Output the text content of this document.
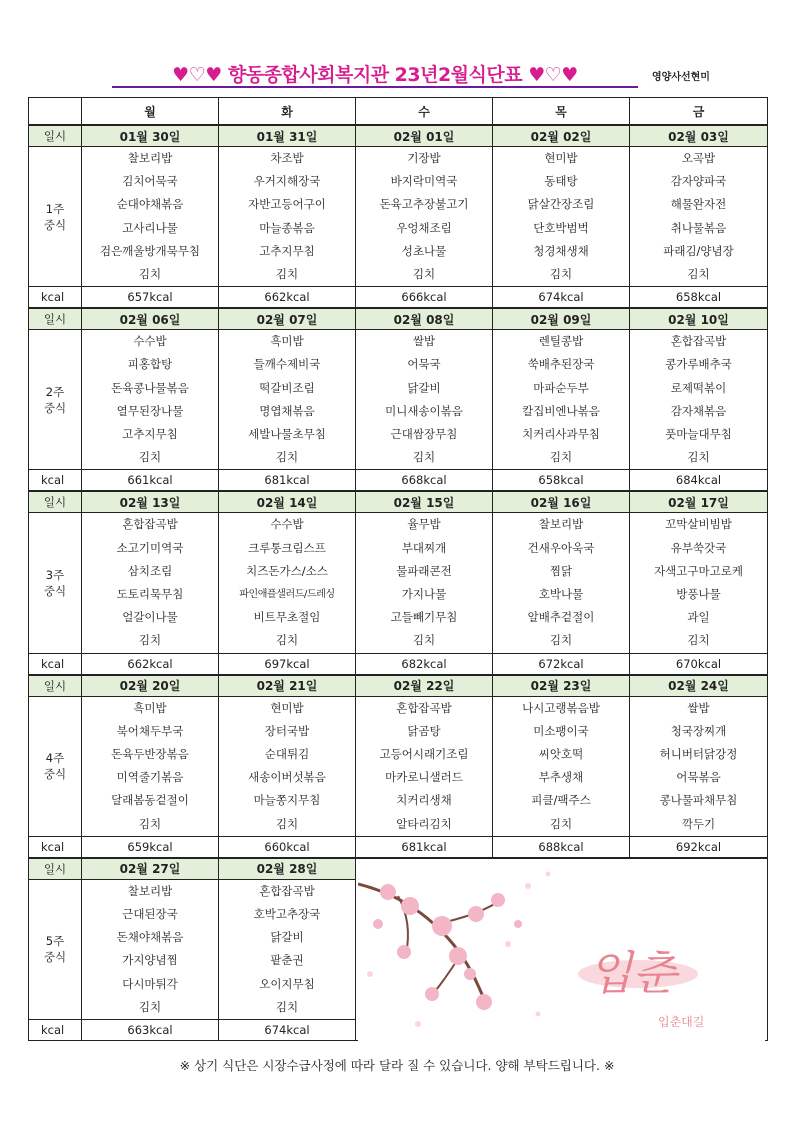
♥♡♥ 향동종합사회복지관 23년2월식단표 ♥♡♥	영양사선현미
	월	화	수	목	금
일시	01월 30일	01월 31일	02월 01일	02월 02일	02월 03일

1주
중식	찰보리밥	차조밥	기장밥	현미밥	오곡밥
	김치어묵국	우거지해장국	바지락미역국	동태탕	감자양파국
	순대야채볶음	자반고등어구이	돈육고추장불고기	닭살간장조림	해물완자전
	고사리나물	마늘종볶음	우엉채조림	단호박범벅	취나물볶음
	검은깨울방개묵무침	고추지무침	성초나물	청경채생채	파래김/양념장
	김치	김치	김치	김치	김치
kcal	657kcal	662kcal	666kcal	674kcal	658kcal
일시	02월 06일	02월 07일	02월 08일	02월 09일	02월 10일

2주
중식	수수밥	흑미밥	쌀밥	렌틸콩밥	혼합잡곡밥
	피홍합탕	들깨수제비국	어묵국	쑥배추된장국	콩가루배추국
	돈육콩나물볶음	떡갈비조림	닭갈비	마파순두부	로제떡볶이
	열무된장나물	명엽채볶음	미니새송이볶음	칼집비엔나볶음	감자채볶음
	고추지무침	세발나물초무침	근대쌈장무침	치커리사과무침	풋마늘대무침
	김치	김치	김치	김치	김치
kcal	661kcal	681kcal	668kcal	658kcal	684kcal
일시	02월 13일	02월 14일	02월 15일	02월 16일	02월 17일

3주
중식	혼합잡곡밥	수수밥	율무밥	찰보리밥	꼬막살비빔밥
	소고기미역국	크루통크림스프	부대찌개	건새우아욱국	유부쑥갓국
	삼치조림	치즈돈가스/소스	물파래콘전	찜닭	자색고구마고로케
	도토리묵무침	파인애플샐러드/드레싱	가지나물	호박나물	방풍나물
	얼갈이나물	비트무초절임	고들빼기무침	알배추겉절이	과일
	김치	김치	김치	김치	김치
kcal	662kcal	697kcal	682kcal	672kcal	670kcal
일시	02월 20일	02월 21일	02월 22일	02월 23일	02월 24일

4주
중식	흑미밥	현미밥	혼합잡곡밥	나시고랭볶음밥	쌀밥
	북어채두부국	장터국밥	닭곰탕	미소팽이국	청국장찌개
	돈육두반장볶음	순대튀김	고등어시래기조림	씨앗호떡	허니버터닭강정
	미역줄기볶음	새송이버섯볶음	마카로니샐러드	부추생채	어묵볶음
	달래봄동겉절이	마늘쫑지무침	치커리생채	피클/팩주스	콩나물파채무침
	김치	김치	알타리김치	김치	깍두기
kcal	659kcal	660kcal	681kcal	688kcal	692kcal
일시	02월 27일	02월 28일			

5주
중식	찰보리밥	혼합잡곡밥			
	근대된장국	호박고추장국			
	돈채야채볶음	닭갈비			
	가지양념찜	팥춘권			
	다시마튀각	오이지무침			
	김치	김치			
kcal	663kcal	674kcal			
입춘
입춘대길
※ 상기 식단은 시장수급사정에 따라 달라 질 수 있습니다. 양해 부탁드립니다. ※
